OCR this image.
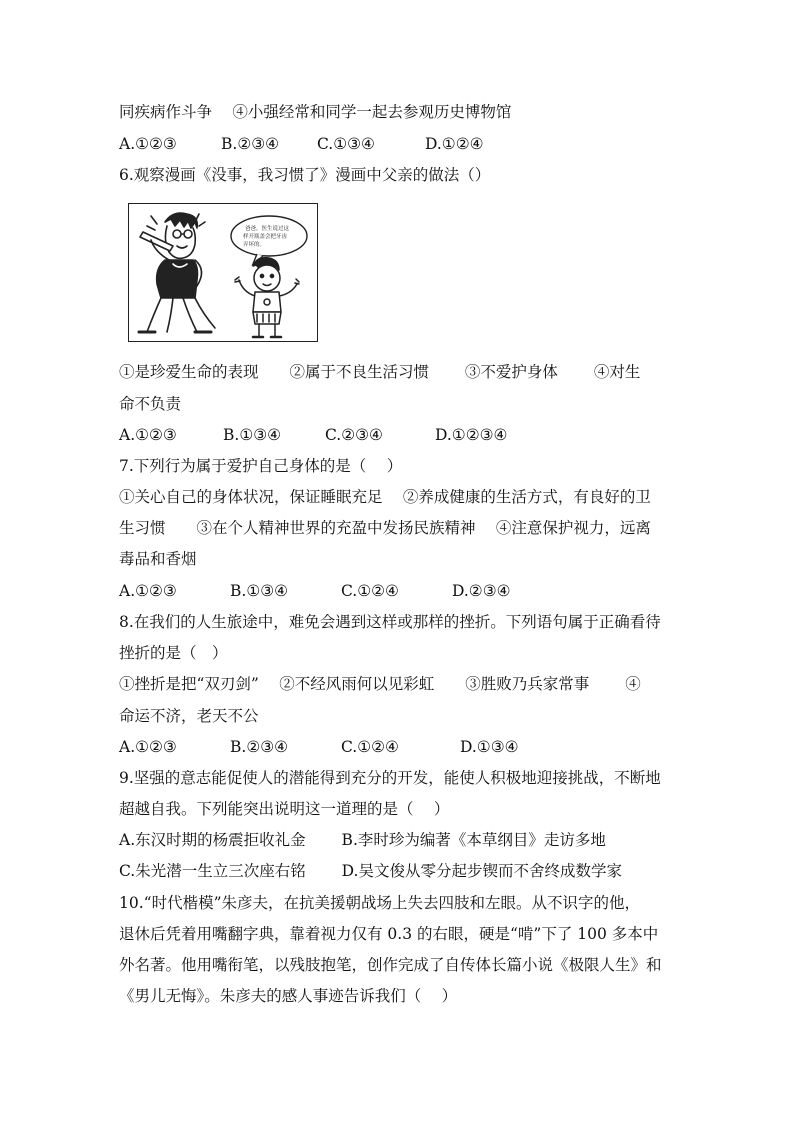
同疾病作斗争　 ④小强经常和同学一起去参观历史博物馆
A.①②③	B.②③④ C.①③④	D.①②④
6.观察漫画《没事，我习惯了》漫画中父亲的做法（）
爸爸，医生说过这
样开瓶盖会把牙齿
弄坏的。
①是珍爱生命的表现　　②属于不良生活习惯　　 ③不爱护身体　　 ④对生
命不负责
A.①②③	B.①③④	C.②③④	D.①②③④
7.下列行为属于爱护自己身体的是（　 ）
①关心自己的身体状况，保证睡眠充足　 ②养成健康的生活方式，有良好的卫
生习惯　　③在个人精神世界的充盈中发扬民族精神　 ④注意保护视力，远离
毒品和香烟
A.①②③	B.①③④	C.①②④	D.②③④
8.在我们的人生旅途中，难免会遇到这样或那样的挫折。下列语句属于正确看待
挫折的是（　）
①挫折是把“双刃剑”　 ②不经风雨何以见彩虹　　③胜败乃兵家常事　　 ④
命运不济，老天不公
A.①②③	B.②③④	C.①②④	D.①③④
9.坚强的意志能促使人的潜能得到充分的开发，能使人积极地迎接挑战，不断地
超越自我。下列能突出说明这一道理的是（　 ）
A.东汉时期的杨震拒收礼金　　 B.李时珍为编著《本草纲目》走访多地
C.朱光潜一生立三次座右铭　　 D.吴文俊从零分起步锲而不舍终成数学家
10.“时代楷模”朱彦夫，在抗美援朝战场上失去四肢和左眼。从不识字的他，
退休后凭着用嘴翻字典，靠着视力仅有 0.3 的右眼，硬是“啃”下了 100 多本中
外名著。他用嘴衔笔，以残肢抱笔，创作完成了自传体长篇小说《极限人生》和
《男儿无悔》。朱彦夫的感人事迹告诉我们（　 ）
